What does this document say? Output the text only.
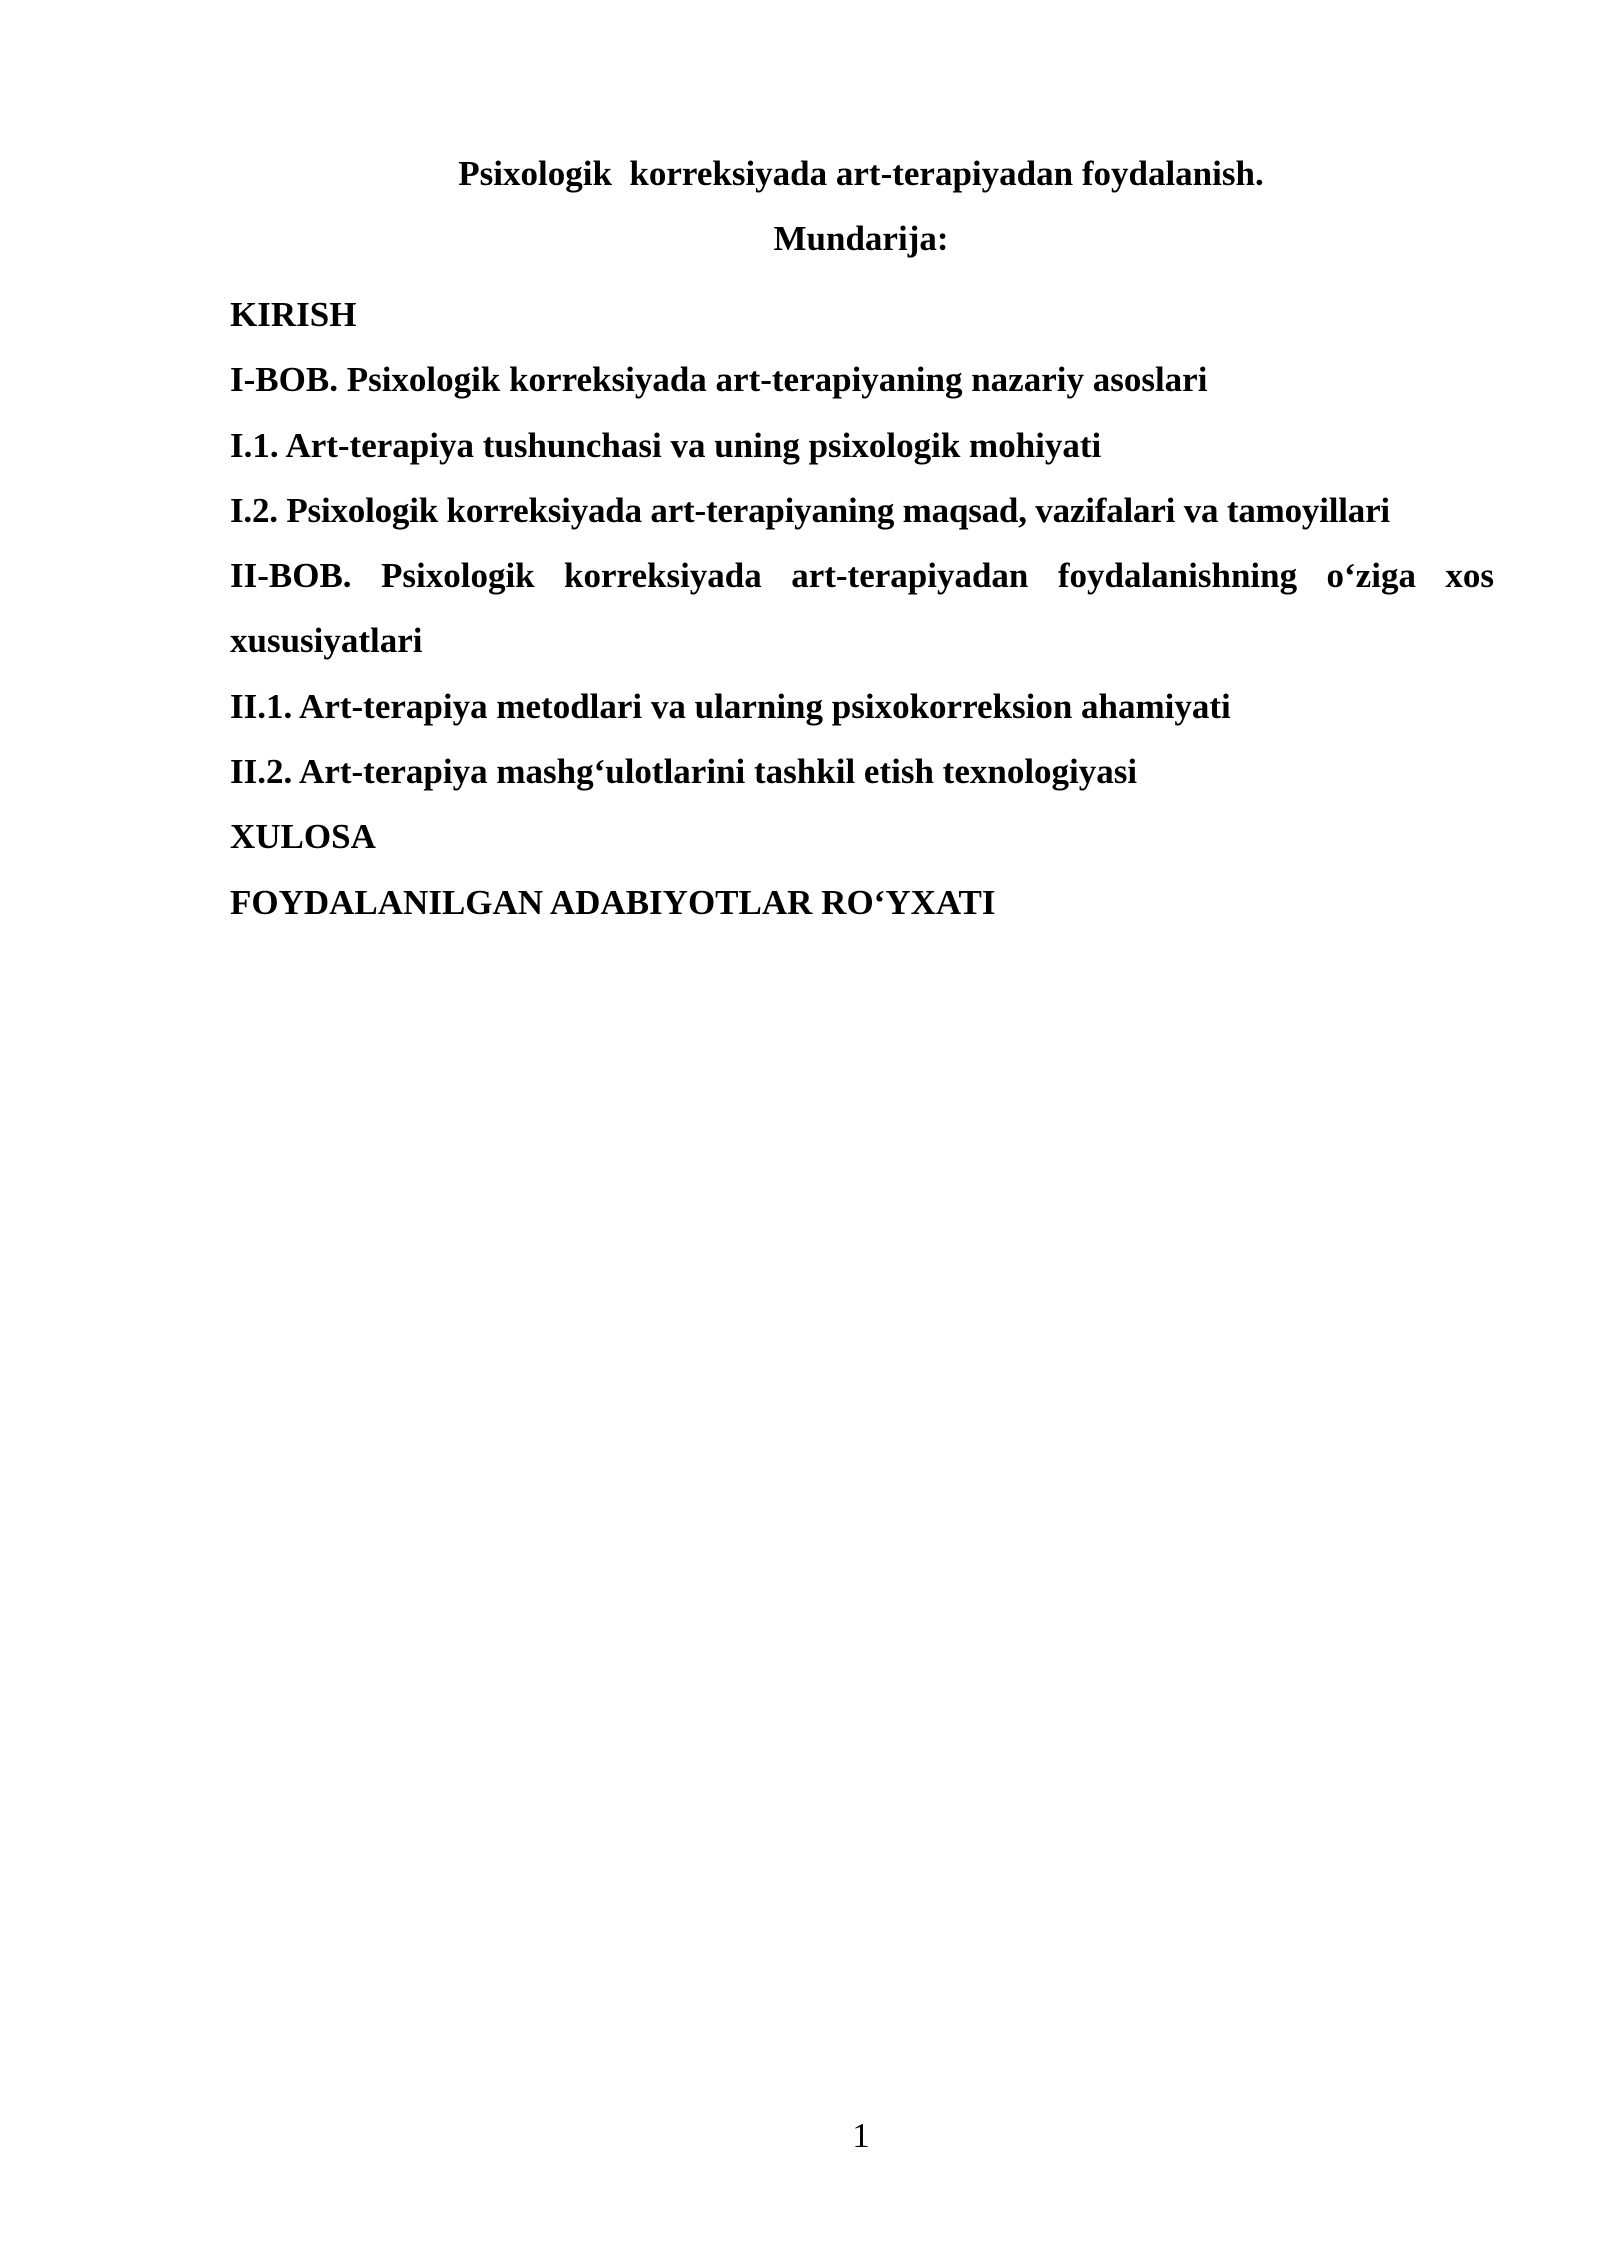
Psixologik  korreksiyada art-terapiyadan foydalanish.
Mundarija:
KIRISH
I-BOB. Psixologik korreksiyada art-terapiyaning nazariy asoslari
I.1. Art-terapiya tushunchasi va uning psixologik mohiyati
I.2. Psixologik korreksiyada art-terapiyaning maqsad, vazifalari va tamoyillari
II-BOB. Psixologik korreksiyada art-terapiyadan foydalanishning o‘ziga xos xususiyatlari
II.1. Art-terapiya metodlari va ularning psixokorreksion ahamiyati
II.2. Art-terapiya mashg‘ulotlarini tashkil etish texnologiyasi
XULOSA
FOYDALANILGAN ADABIYOTLAR RO‘YXATI
1
